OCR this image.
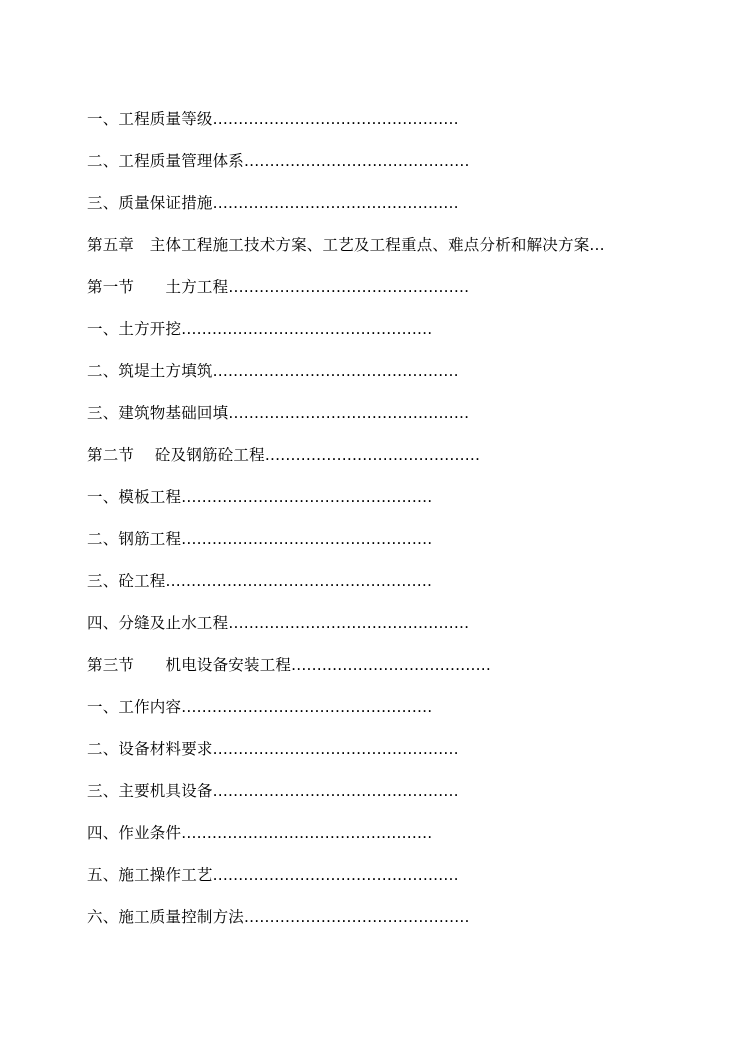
一、工程质量等级................................................
二、工程质量管理体系............................................
三、质量保证措施................................................
第五章　主体工程施工技术方案、工艺及工程重点、难点分析和解决方案...
第一节　　土方工程...............................................
一、土方开挖.................................................
二、筑堤土方填筑................................................
三、建筑物基础回填...............................................
第二节　 砼及钢筋砼工程..........................................
一、模板工程.................................................
二、钢筋工程.................................................
三、砼工程....................................................
四、分缝及止水工程...............................................
第三节　　机电设备安装工程.......................................
一、工作内容.................................................
二、设备材料要求................................................
三、主要机具设备................................................
四、作业条件.................................................
五、施工操作工艺................................................
六、施工质量控制方法............................................
